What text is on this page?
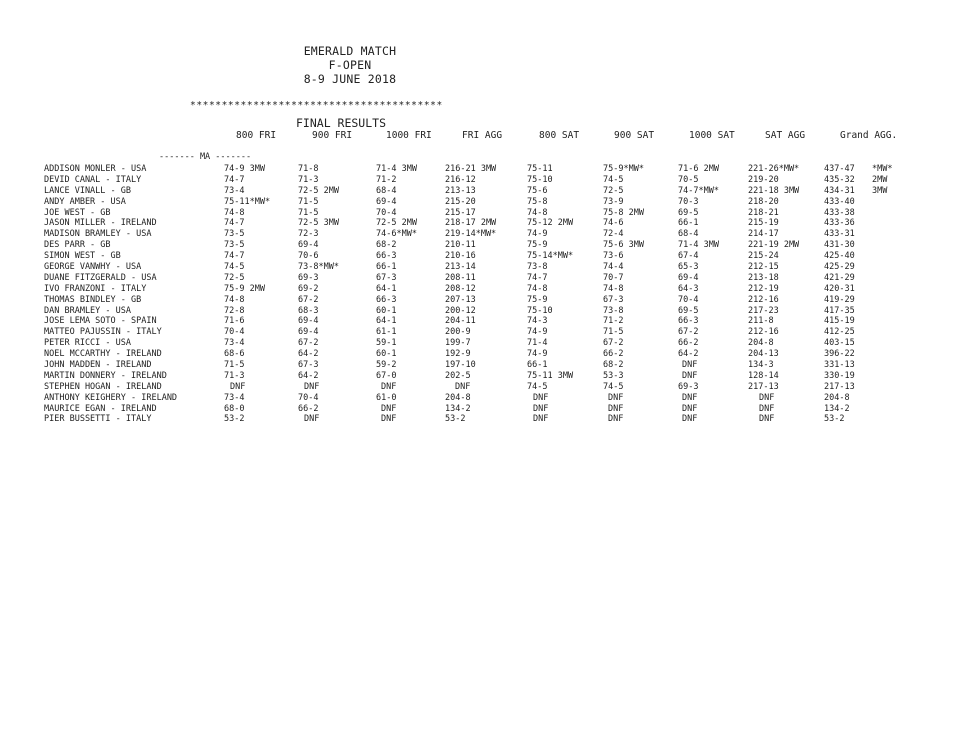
EMERALD MATCH
F-OPEN
8-9 JUNE 2018
****************************************
FINAL RESULTS
800 FRI	900 FRI	1000 FRI	FRI AGG	800 SAT	900 SAT	1000 SAT	SAT AGG	Grand AGG.
------- MA -------
ADDISON MONLER - USA	74-9 3MW	71-8	71-4 3MW	216-21 3MW	75-11	75-9*MW*	71-6 2MW	221-26*MW*	437-47 *MW*
DEVID CANAL - ITALY	74-7	71-3	71-2	216-12	75-10	74-5	70-5	219-20	435-32 2MW
LANCE VINALL - GB	73-4	72-5 2MW	68-4	213-13	75-6	72-5	74-7*MW*	221-18 3MW	434-31 3MW
ANDY AMBER - USA	75-11*MW*	71-5	69-4	215-20	75-8	73-9	70-3	218-20	433-40
JOE WEST - GB	74-8	71-5	70-4	215-17	74-8	75-8 2MW	69-5	218-21	433-38
JASON MILLER - IRELAND	74-7	72-5 3MW	72-5 2MW	218-17 2MW	75-12 2MW	74-6	66-1	215-19	433-36
MADISON BRAMLEY - USA	73-5	72-3	74-6*MW*	219-14*MW*	74-9	72-4	68-4	214-17	433-31
DES PARR - GB	73-5	69-4	68-2	210-11	75-9	75-6 3MW	71-4 3MW	221-19 2MW	431-30
SIMON WEST - GB	74-7	70-6	66-3	210-16	75-14*MW*	73-6	67-4	215-24	425-40
GEORGE VANWHY - USA	74-5	73-8*MW*	66-1	213-14	73-8	74-4	65-3	212-15	425-29
DUANE FITZGERALD - USA	72-5	69-3	67-3	208-11	74-7	70-7	69-4	213-18	421-29
IVO FRANZONI - ITALY	75-9 2MW	69-2	64-1	208-12	74-8	74-8	64-3	212-19	420-31
THOMAS BINDLEY - GB	74-8	67-2	66-3	207-13	75-9	67-3	70-4	212-16	419-29
DAN BRAMLEY - USA	72-8	68-3	60-1	200-12	75-10	73-8	69-5	217-23	417-35
JOSE LEMA SOTO - SPAIN	71-6	69-4	64-1	204-11	74-3	71-2	66-3	211-8	415-19
MATTEO PAJUSSIN - ITALY	70-4	69-4	61-1	200-9	74-9	71-5	67-2	212-16	412-25
PETER RICCI - USA	73-4	67-2	59-1	199-7	71-4	67-2	66-2	204-8	403-15
NOEL MCCARTHY - IRELAND	68-6	64-2	60-1	192-9	74-9	66-2	64-2	204-13	396-22
JOHN MADDEN - IRELAND	71-5	67-3	59-2	197-10	66-1	68-2	DNF	134-3	331-13
MARTIN DONNERY - IRELAND	71-3	64-2	67-0	202-5	75-11 3MW	53-3	DNF	128-14	330-19
STEPHEN HOGAN - IRELAND	DNF	DNF	DNF	DNF	74-5	74-5	69-3	217-13	217-13
ANTHONY KEIGHERY - IRELAND	73-4	70-4	61-0	204-8	DNF	DNF	DNF	DNF	204-8
MAURICE EGAN - IRELAND	68-0	66-2	DNF	134-2	DNF	DNF	DNF	DNF	134-2
PIER BUSSETTI - ITALY	53-2	DNF	DNF	53-2	DNF	DNF	DNF	DNF	53-2
